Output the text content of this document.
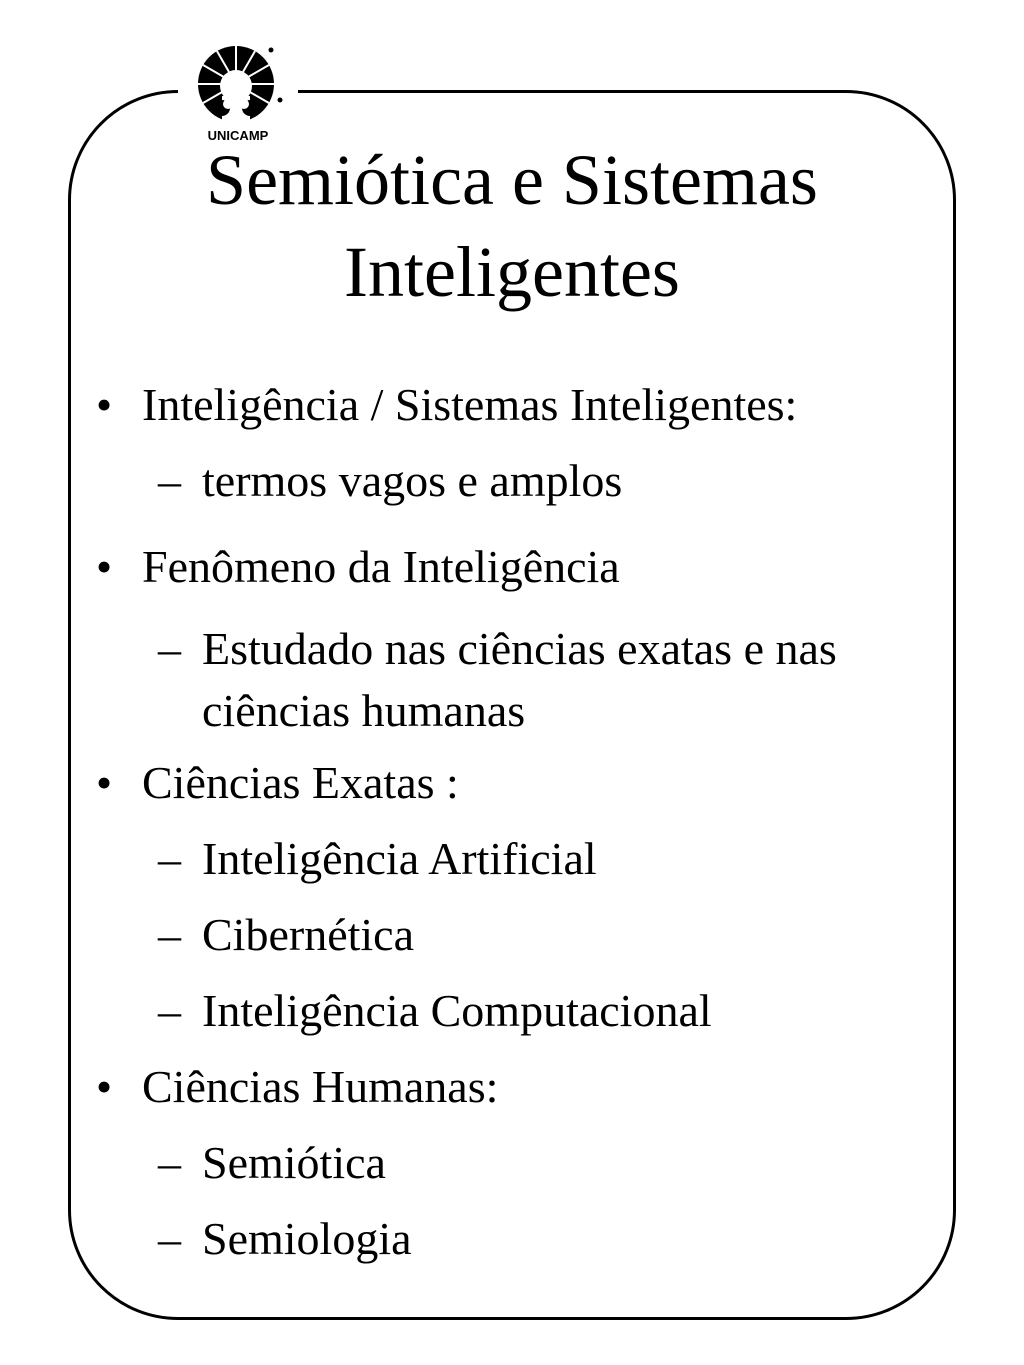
UNICAMP
Semiótica e Sistemas
Inteligentes
• Inteligência / Sistemas Inteligentes:
– termos vagos e amplos
• Fenômeno da Inteligência
– Estudado nas ciências exatas e nas ciências humanas
• Ciências Exatas :
– Inteligência Artificial
– Cibernética
– Inteligência Computacional
• Ciências Humanas:
– Semiótica
– Semiologia
